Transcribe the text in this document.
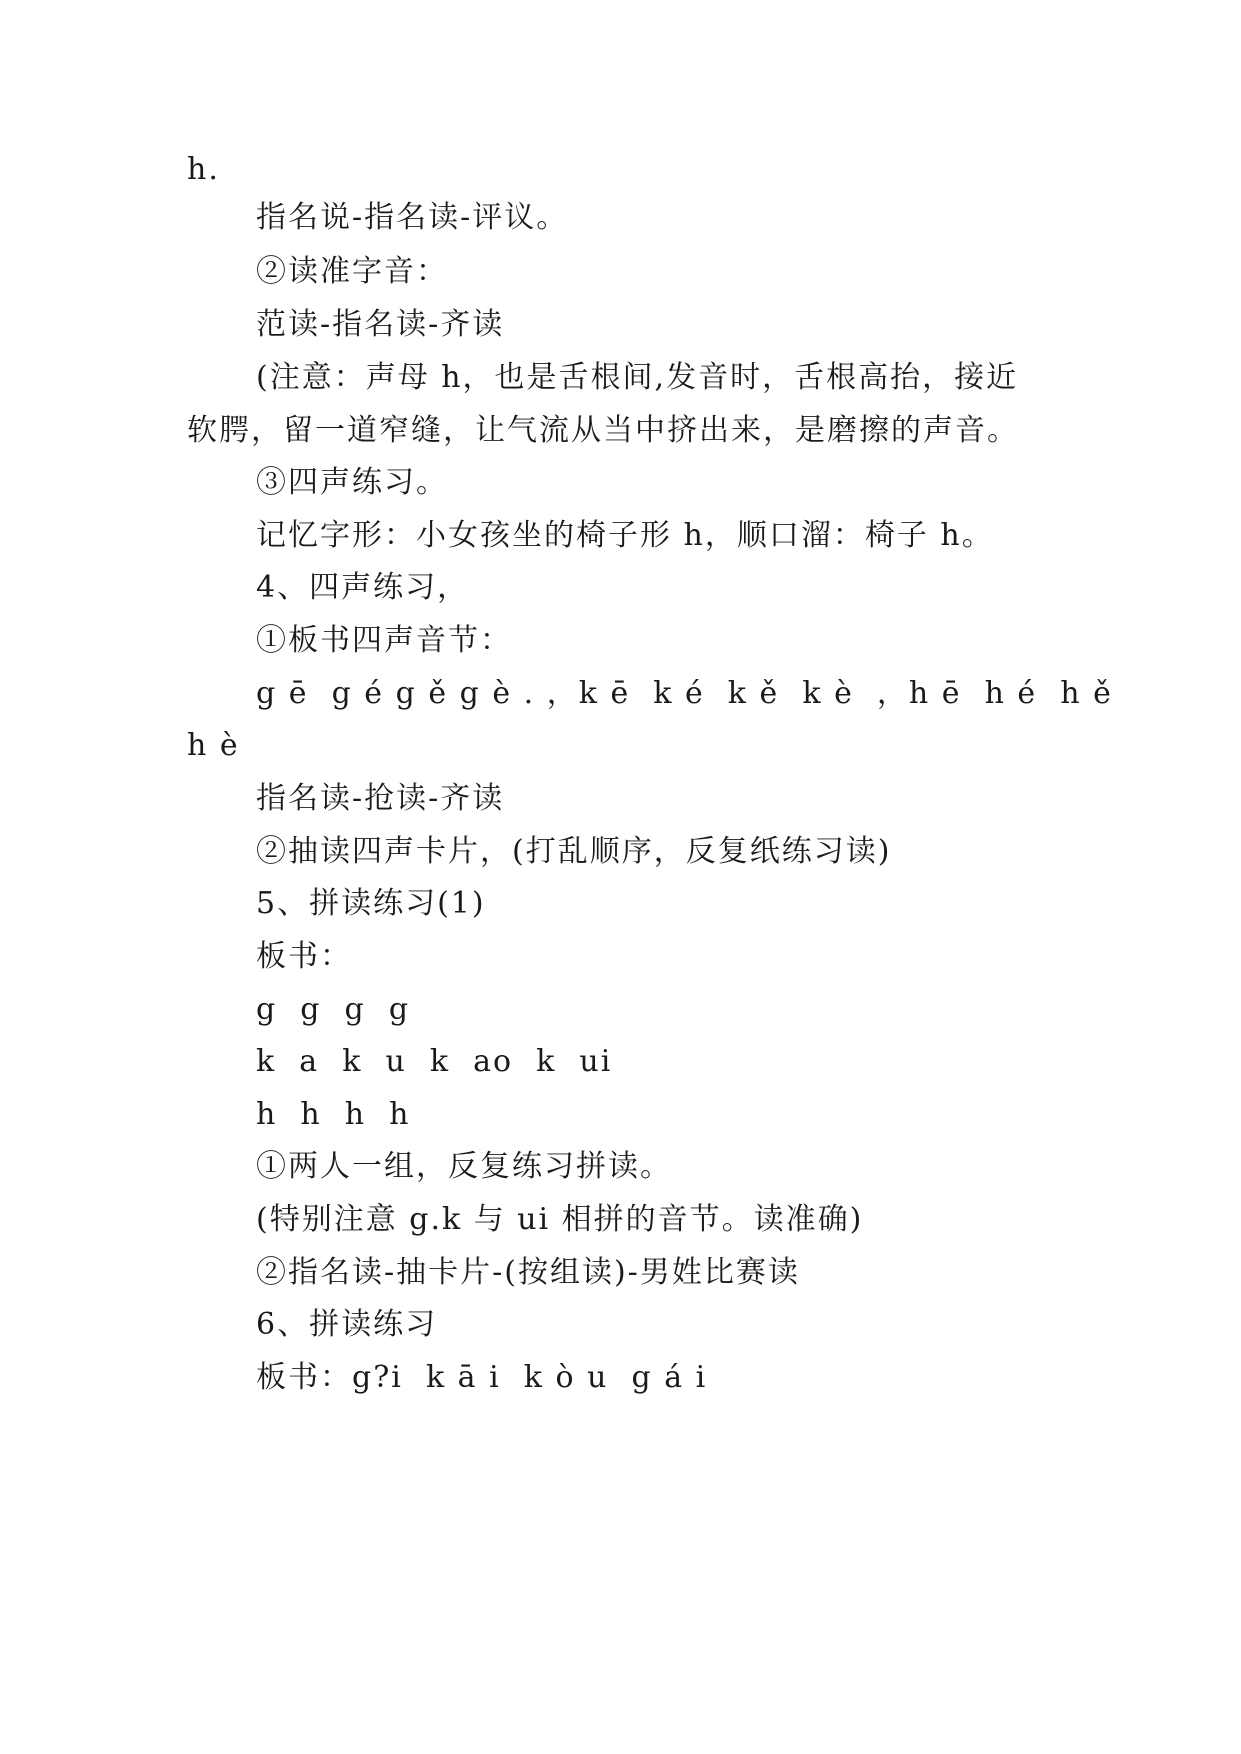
h.
指名说-指名读-评议。
②读准字音：
范读-指名读-齐读
(注意：声母 h，也是舌根间,发音时，舌根高抬，接近
软腭，留一道窄缝，让气流从当中挤出来，是磨擦的声音。
③四声练习。
记忆字形：小女孩坐的椅子形 h，顺口溜：椅子 h。
4、四声练习，
①板书四声音节：
g ē  g é g ě g è . ，k ē  k é  k ě  k è  ，h ē  h é  h ě
h è
指名读-抢读-齐读
②抽读四声卡片，(打乱顺序，反复纸练习读)
5、拼读练习(1)
板书：
g  g  g  g
k  a  k  u  k  ao  k  ui
h  h  h  h
①两人一组，反复练习拼读。
(特别注意 g.k 与 ui 相拼的音节。读准确)
②指名读-抽卡片-(按组读)-男姓比赛读
6、拼读练习
板书：g?i  k ā i  k ò u  g á i
